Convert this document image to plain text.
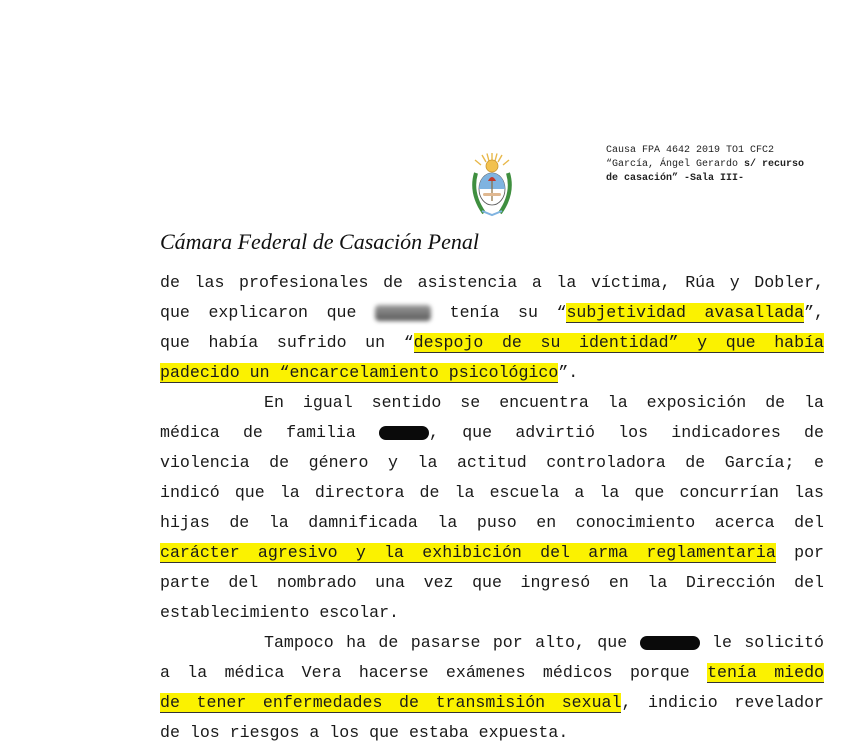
Causa FPA 4642 2019 TO1 CFC2
“García, Ángel Gerardo s/ recurso
de casación” -Sala III-
Cámara Federal de Casación Penal
de las profesionales de asistencia a la víctima, Rúa y Dobler,
que explicaron que	tenía su “subjetividad avasallada”,
que había sufrido un “despojo de su identidad” y que había
padecido un “encarcelamiento psicológico”.
En igual sentido se encuentra la exposición de la
médica de familia	, que advirtió los indicadores de
violencia de género y la actitud controladora de García; e
indicó que la directora de la escuela a la que concurrían las
hijas de la damnificada la puso en conocimiento acerca del
carácter agresivo y la exhibición del arma reglamentaria por
parte del nombrado una vez que ingresó en la Dirección del
establecimiento escolar.
Tampoco ha de pasarse por alto, que	le solicitó
a la médica Vera hacerse exámenes médicos porque tenía miedo
de tener enfermedades de transmisión sexual, indicio revelador
de los riesgos a los que estaba expuesta.
